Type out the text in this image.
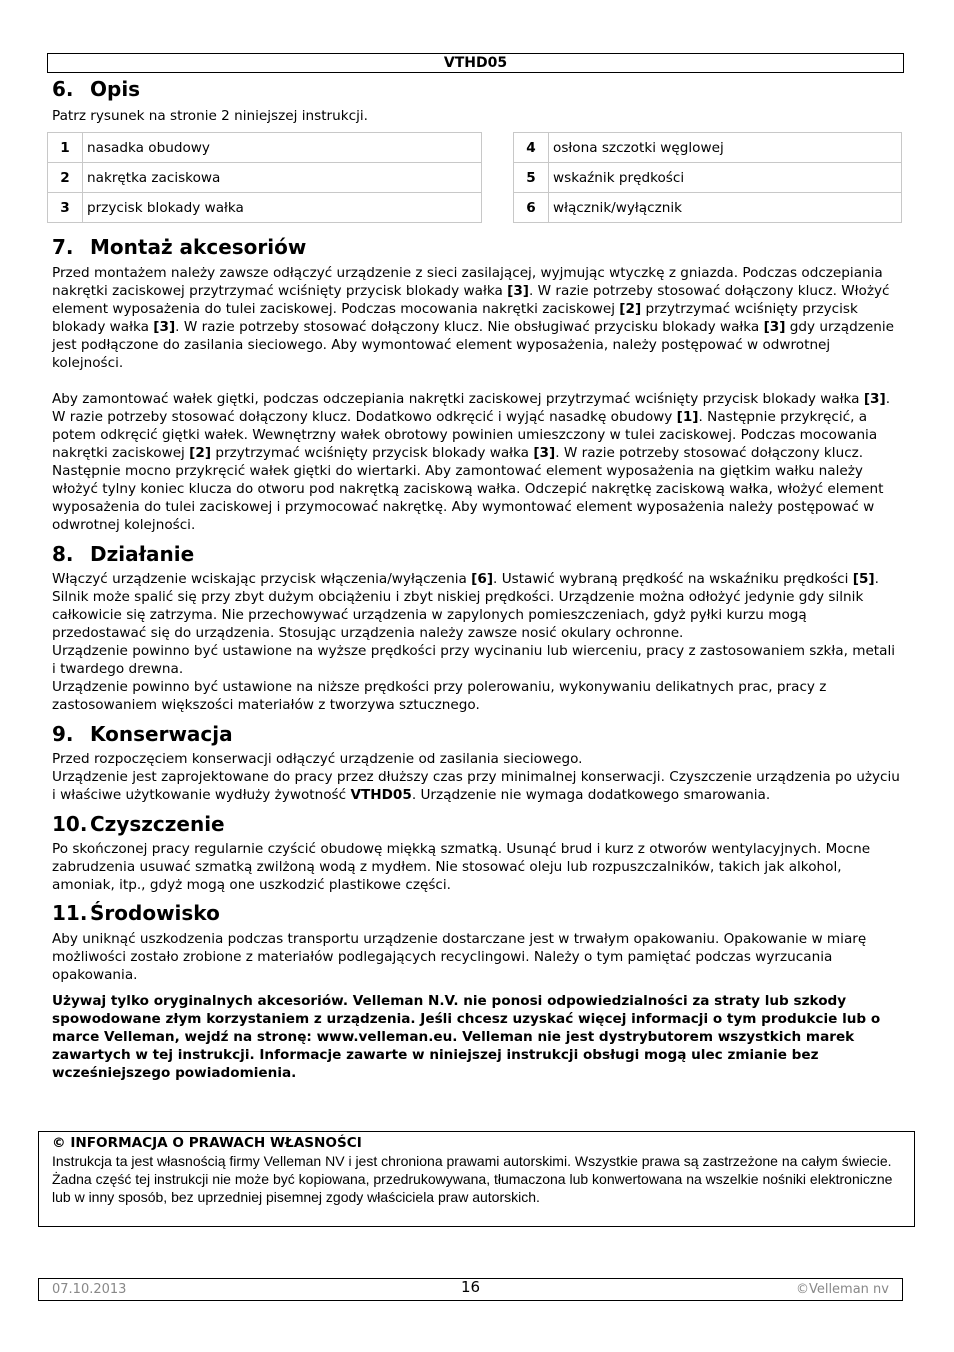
VTHD05
6. Opis

Patrz rysunek na stronie 2 niniejszej instrukcji.

1	nasadka obudowy
2	nakrętka zaciskowa
3	przycisk blokady wałka
4	osłona szczotki węglowej
5	wskaźnik prędkości
6	włącznik/wyłącznik
7. Montaż akcesoriów

Przed montażem należy zawsze odłączyć urządzenie z sieci zasilającej, wyjmując wtyczkę z gniazda. Podczas odczepiania nakrętki zaciskowej przytrzymać wciśnięty przycisk blokady wałka [3]. W razie potrzeby stosować dołączony klucz. Włożyć element wyposażenia do tulei zaciskowej. Podczas mocowania nakrętki zaciskowej [2] przytrzymać wciśnięty przycisk blokady wałka [3]. W razie potrzeby stosować dołączony klucz. Nie obsługiwać przycisku blokady wałka [3] gdy urządzenie jest podłączone do zasilania sieciowego. Aby wymontować element wyposażenia, należy postępować w odwrotnej kolejności.

Aby zamontować wałek giętki, podczas odczepiania nakrętki zaciskowej przytrzymać wciśnięty przycisk blokady wałka [3]. W razie potrzeby stosować dołączony klucz. Dodatkowo odkręcić i wyjąć nasadkę obudowy [1]. Następnie przykręcić, a potem odkręcić giętki wałek. Wewnętrzny wałek obrotowy powinien umieszczony w tulei zaciskowej. Podczas mocowania nakrętki zaciskowej [2] przytrzymać wciśnięty przycisk blokady wałka [3]. W razie potrzeby stosować dołączony klucz. Następnie mocno przykręcić wałek giętki do wiertarki. Aby zamontować element wyposażenia na giętkim wałku należy włożyć tylny koniec klucza do otworu pod nakrętką zaciskową wałka. Odczepić nakrętkę zaciskową wałka, włożyć element wyposażenia do tulei zaciskowej i przymocować nakrętkę. Aby wymontować element wyposażenia należy postępować w odwrotnej kolejności.

8. Działanie

Włączyć urządzenie wciskając przycisk włączenia/wyłączenia [6]. Ustawić wybraną prędkość na wskaźniku prędkości [5]. Silnik może spalić się przy zbyt dużym obciążeniu i zbyt niskiej prędkości. Urządzenie można odłożyć jedynie gdy silnik całkowicie się zatrzyma. Nie przechowywać urządzenia w zapylonych pomieszczeniach, gdyż pyłki kurzu mogą przedostawać się do urządzenia. Stosując urządzenia należy zawsze nosić okulary ochronne.
Urządzenie powinno być ustawione na wyższe prędkości przy wycinaniu lub wierceniu, pracy z zastosowaniem szkła, metali i twardego drewna.
Urządzenie powinno być ustawione na niższe prędkości przy polerowaniu, wykonywaniu delikatnych prac, pracy z zastosowaniem większości materiałów z tworzywa sztucznego.

9. Konserwacja

Przed rozpoczęciem konserwacji odłączyć urządzenie od zasilania sieciowego.
Urządzenie jest zaprojektowane do pracy przez dłuższy czas przy minimalnej konserwacji. Czyszczenie urządzenia po użyciu i właściwe użytkowanie wydłuży żywotność VTHD05. Urządzenie nie wymaga dodatkowego smarowania.

10. Czyszczenie

Po skończonej pracy regularnie czyścić obudowę miękką szmatką. Usunąć brud i kurz z otworów wentylacyjnych. Mocne zabrudzenia usuwać szmatką zwilżoną wodą z mydłem. Nie stosować oleju lub rozpuszczalników, takich jak alkohol, amoniak, itp., gdyż mogą one uszkodzić plastikowe części.

11. Środowisko

Aby uniknąć uszkodzenia podczas transportu urządzenie dostarczane jest w trwałym opakowaniu. Opakowanie w miarę możliwości zostało zrobione z materiałów podlegających recyclingowi. Należy o tym pamiętać podczas wyrzucania opakowania.

Używaj tylko oryginalnych akcesoriów. Velleman N.V. nie ponosi odpowiedzialności za straty lub szkody spowodowane złym korzystaniem z urządzenia. Jeśli chcesz uzyskać więcej informacji o tym produkcie lub o marce Velleman, wejdź na stronę: www.velleman.eu. Velleman nie jest dystrybutorem wszystkich marek zawartych w tej instrukcji. Informacje zawarte w niniejszej instrukcji obsługi mogą ulec zmianie bez wcześniejszego powiadomienia.

© INFORMACJA O PRAWACH WŁASNOŚCI

Instrukcja ta jest własnością firmy Velleman NV i jest chroniona prawami autorskimi. Wszystkie prawa są zastrzeżone na całym świecie. Żadna część tej instrukcji nie może być kopiowana, przedrukowywana, tłumaczona lub konwertowana na wszelkie nośniki elektroniczne lub w inny sposób, bez uprzedniej pisemnej zgody właściciela praw autorskich.

07.10.2013	16	©Velleman nv
